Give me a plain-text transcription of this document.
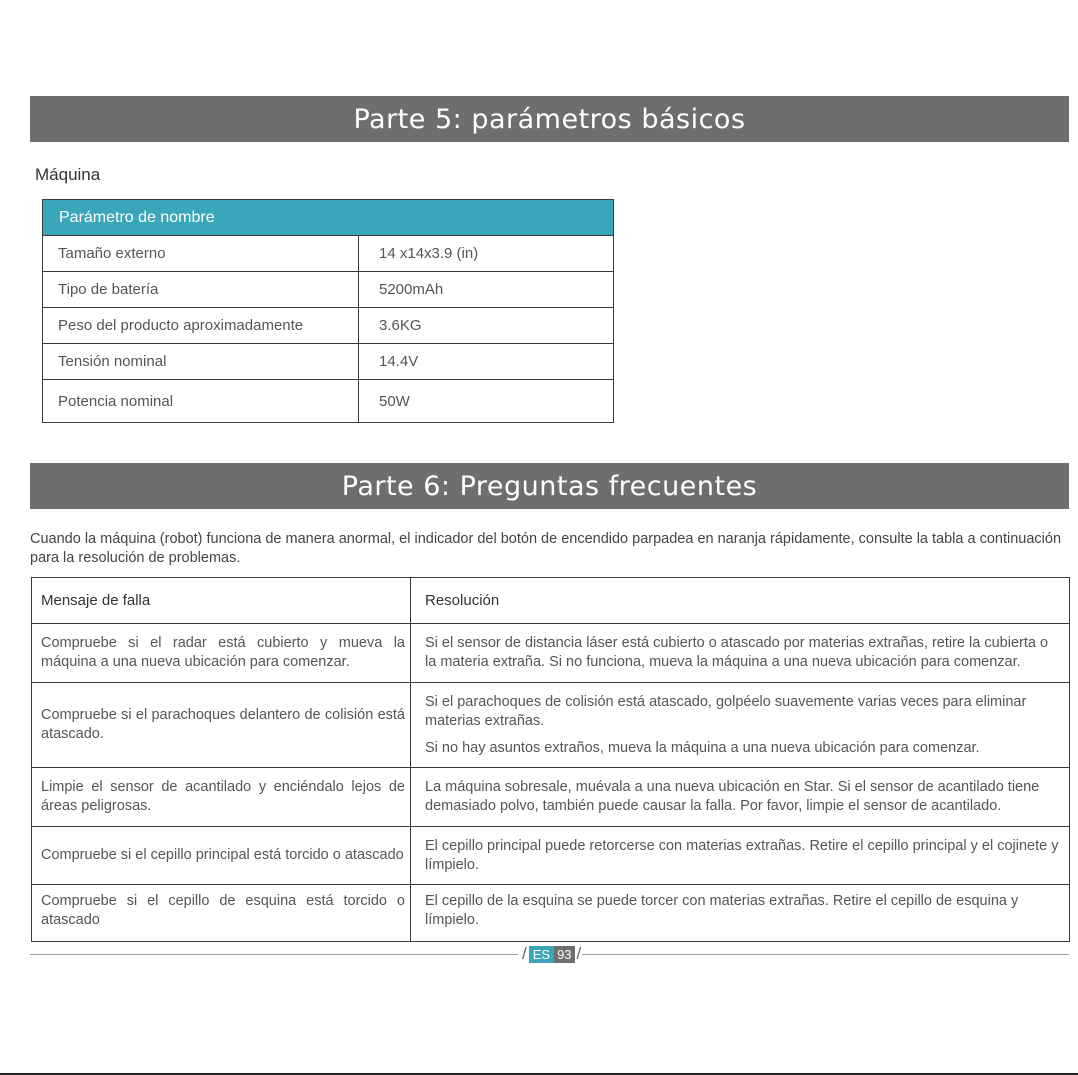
Parte 5: parámetros básicos
Máquina
Parámetro de nombre	
Tamaño externo	14 x14x3.9 (in)
Tipo de batería	5200mAh
Peso del producto aproximadamente	3.6KG
Tensión nominal	14.4V
Potencia nominal	50W
Parte 6: Preguntas frecuentes
Cuando la máquina (robot) funciona de manera anormal, el indicador del botón de encendido parpadea en naranja rápidamente, consulte la tabla a continuación para la resolución de problemas.
Mensaje de falla	Resolución
Compruebe si el radar está cubierto y mueva la máquina a una nueva ubicación para comenzar.	Si el sensor de distancia láser está cubierto o atascado por materias extrañas, retire la cubierta o la materia extraña. Si no funciona, mueva la máquina a una nueva ubicación para comenzar.

Compruebe si el parachoques delantero de colisión está atascado.	Si el parachoques de colisión está atascado, golpéelo suavemente varias veces para eliminar materias extrañas.

Si no hay asuntos extraños, mueva la máquina a una nueva ubicación para comenzar.

Limpie el sensor de acantilado y enciéndalo lejos de áreas peligrosas.	La máquina sobresale, muévala a una nueva ubicación en Star. Si el sensor de acantilado tiene demasiado polvo, también puede causar la falla. Por favor, limpie el sensor de acantilado.

Compruebe si el cepillo principal está torcido o atascado	El cepillo principal puede retorcerse con materias extrañas. Retire el cepillo principal y el cojinete y límpielo.

Compruebe si el cepillo de esquina está torcido o atascado	El cepillo de la esquina se puede torcer con materias extrañas. Retire el cepillo de esquina y límpielo.

/ ES 93 /
